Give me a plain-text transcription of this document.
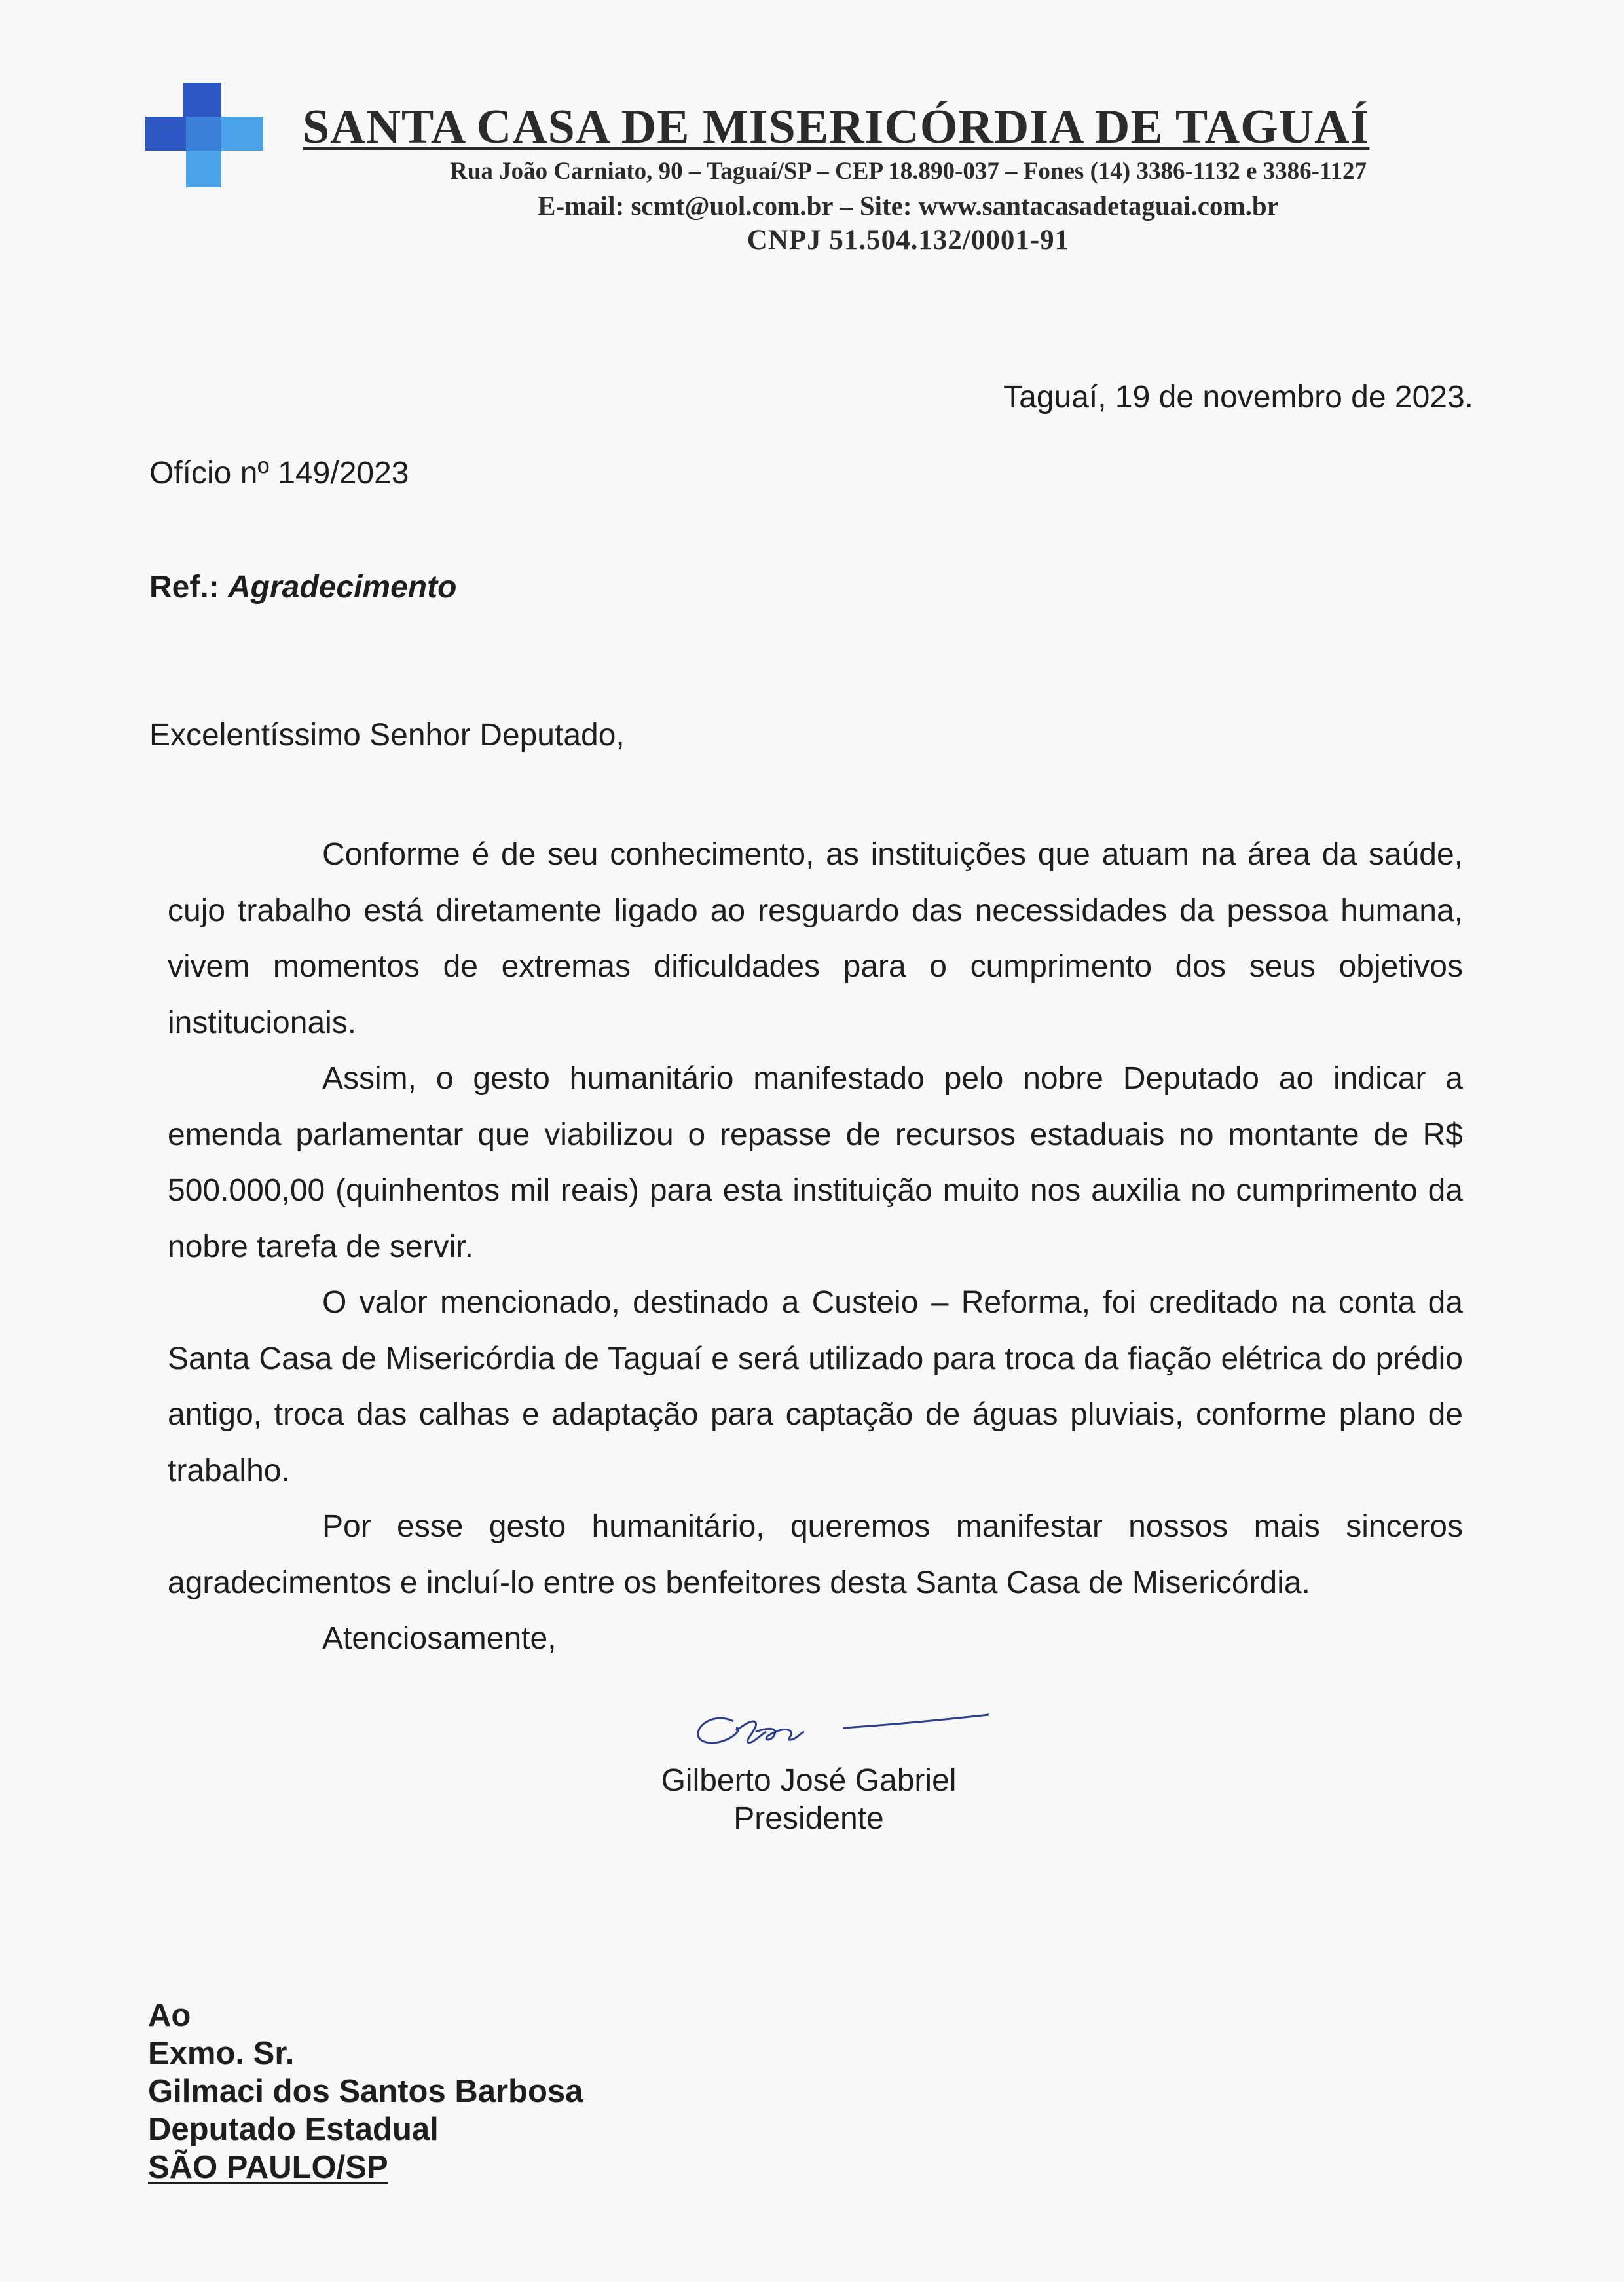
SANTA CASA DE MISERICÓRDIA DE TAGUAÍ
Rua João Carniato, 90 – Taguaí/SP – CEP 18.890-037 – Fones (14) 3386-1132 e 3386-1127
E-mail: scmt@uol.com.br – Site: www.santacasadetaguai.com.br
CNPJ 51.504.132/0001-91
Taguaí, 19 de novembro de 2023.
Ofício nº 149/2023
Ref.: Agradecimento
Excelentíssimo Senhor Deputado,

Conforme é de seu conhecimento, as instituições que atuam na área da saúde, cujo trabalho está diretamente ligado ao resguardo das necessidades da pessoa humana, vivem momentos de extremas dificuldades para o cumprimento dos seus objetivos institucionais.

Assim, o gesto humanitário manifestado pelo nobre Deputado ao indicar a emenda parlamentar que viabilizou o repasse de recursos estaduais no montante de R$ 500.000,00 (quinhentos mil reais) para esta instituição muito nos auxilia no cumprimento da nobre tarefa de servir.

O valor mencionado, destinado a Custeio – Reforma, foi creditado na conta da Santa Casa de Misericórdia de Taguaí e será utilizado para troca da fiação elétrica do prédio antigo, troca das calhas e adaptação para captação de águas pluviais, conforme plano de trabalho.

Por esse gesto humanitário, queremos manifestar nossos mais sinceros agradecimentos e incluí-lo entre os benfeitores desta Santa Casa de Misericórdia.

Atenciosamente,
Gilberto José Gabriel
Presidente
Ao
Exmo. Sr.
Gilmaci dos Santos Barbosa
Deputado Estadual
SÃO PAULO/SP
